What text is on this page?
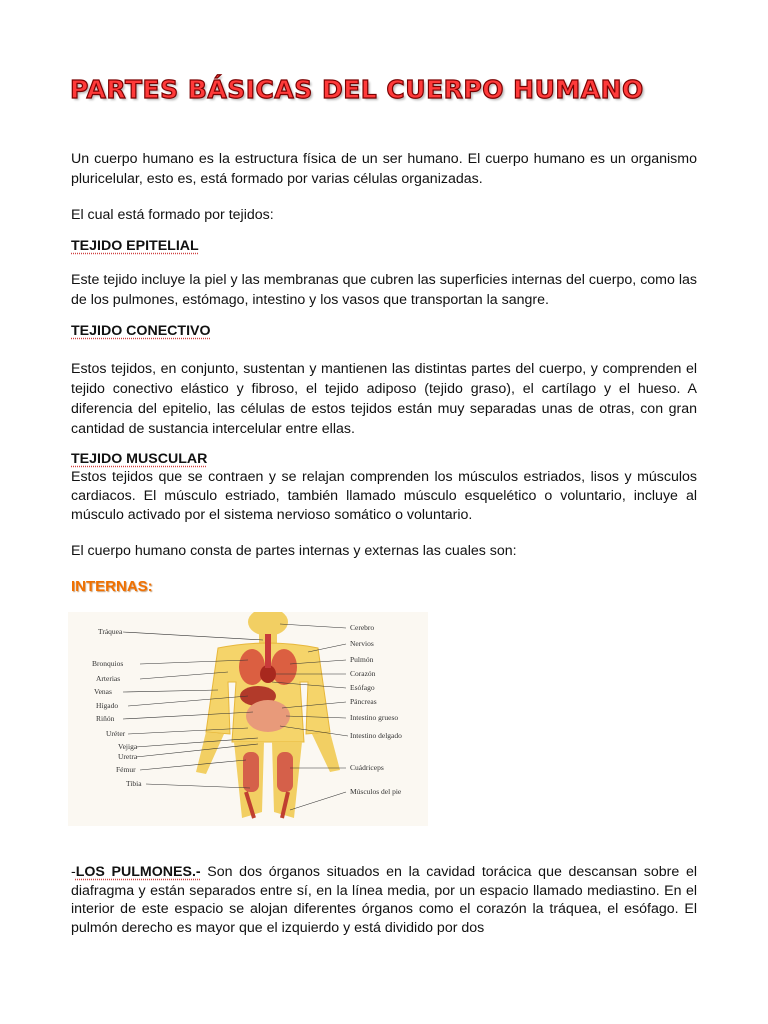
PARTES BÁSICAS DEL CUERPO HUMANO
Un cuerpo humano es la estructura física de un ser humano. El cuerpo humano es un organismo pluricelular, esto es, está formado por varias células organizadas.
El cual está formado por tejidos:
TEJIDO EPITELIAL
Este tejido incluye la piel y las membranas que cubren las superficies internas del cuerpo, como las de los pulmones, estómago, intestino y los vasos que transportan la sangre.
TEJIDO CONECTIVO
Estos tejidos, en conjunto, sustentan y mantienen las distintas partes del cuerpo, y comprenden el tejido conectivo elástico y fibroso, el tejido adiposo (tejido graso), el cartílago y el hueso. A diferencia del epitelio, las células de estos tejidos están muy separadas unas de otras, con gran cantidad de sustancia intercelular entre ellas.
TEJIDO MUSCULAR
Estos tejidos que se contraen y se relajan comprenden los músculos estriados, lisos y músculos cardiacos. El músculo estriado, también llamado músculo esquelético o voluntario, incluye al músculo activado por el sistema nervioso somático o voluntario.
El cuerpo humano consta de partes internas y externas las cuales son:
INTERNAS:
Tráquea
Bronquios
Arterias
Venas
Hígado
Riñón
Uréter
Vejiga
Uretra
Fémur
Tibia
Cerebro
Nervios
Pulmón
Corazón
Esófago
Páncreas
Intestino grueso
Intestino delgado
Cuádriceps
Músculos del pie
-LOS PULMONES.- Son dos órganos situados en la cavidad torácica que descansan sobre el diafragma y están separados entre sí, en la línea media, por un espacio llamado mediastino. En el interior de este espacio se alojan diferentes órganos como el corazón la tráquea, el esófago. El pulmón derecho es mayor que el izquierdo y está dividido por dos
